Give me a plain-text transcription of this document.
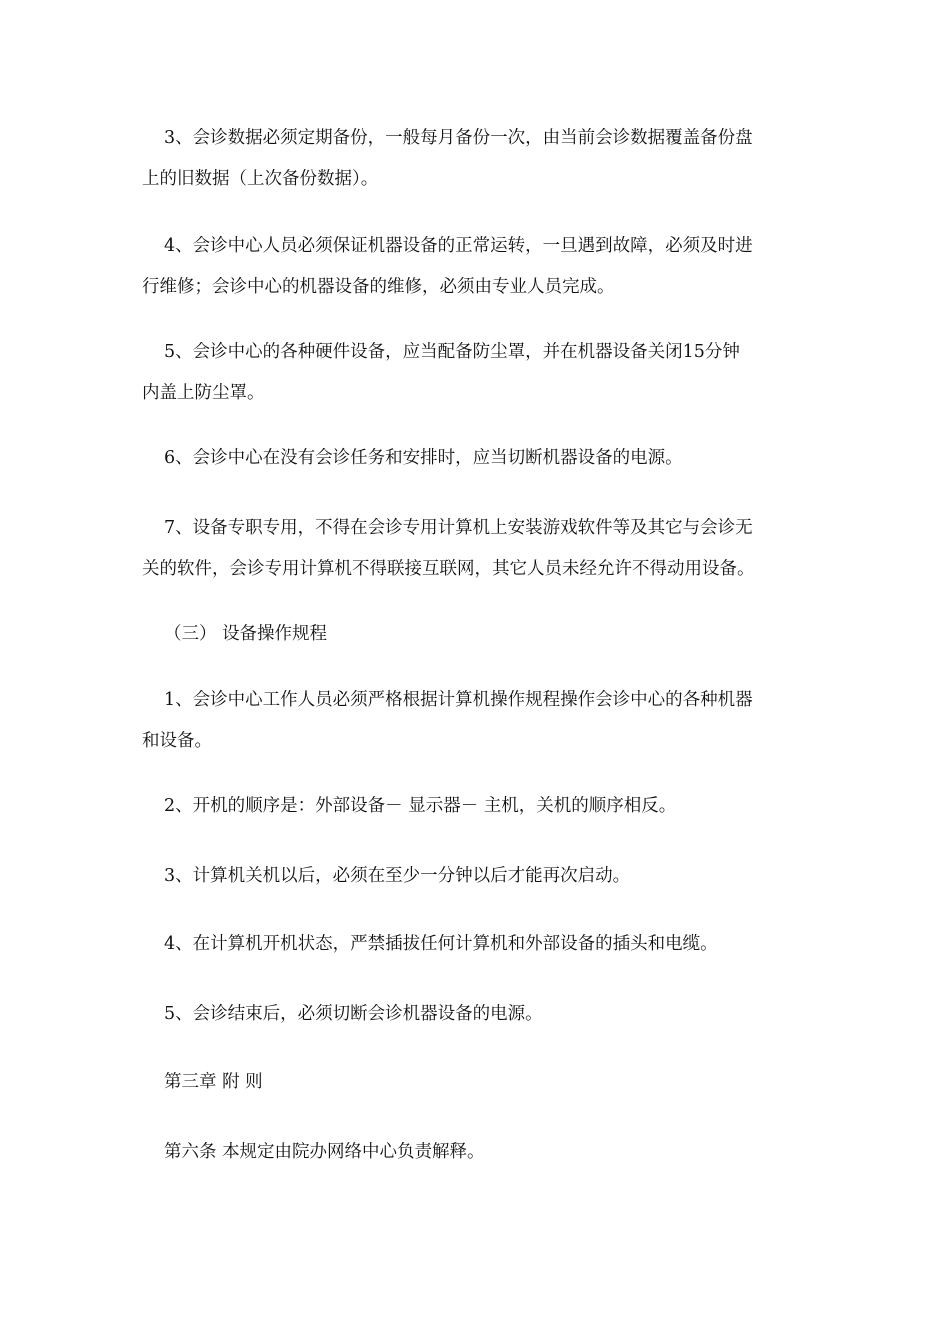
3、会诊数据必须定期备份，一般每月备份一次，由当前会诊数据覆盖备份盘
上的旧数据（上次备份数据）。

4、会诊中心人员必须保证机器设备的正常运转，一旦遇到故障，必须及时进
行维修；会诊中心的机器设备的维修，必须由专业人员完成。

5、会诊中心的各种硬件设备，应当配备防尘罩，并在机器设备关闭15分钟
内盖上防尘罩。

6、会诊中心在没有会诊任务和安排时，应当切断机器设备的电源。

7、设备专职专用，不得在会诊专用计算机上安装游戏软件等及其它与会诊无
关的软件，会诊专用计算机不得联接互联网，其它人员未经允许不得动用设备。

（三） 设备操作规程

1、会诊中心工作人员必须严格根据计算机操作规程操作会诊中心的各种机器
和设备。

2、开机的顺序是：外部设备－ 显示器－ 主机，关机的顺序相反。

3、计算机关机以后，必须在至少一分钟以后才能再次启动。

4、在计算机开机状态，严禁插拔任何计算机和外部设备的插头和电缆。

5、会诊结束后，必须切断会诊机器设备的电源。

第三章 附 则

第六条 本规定由院办网络中心负责解释。
